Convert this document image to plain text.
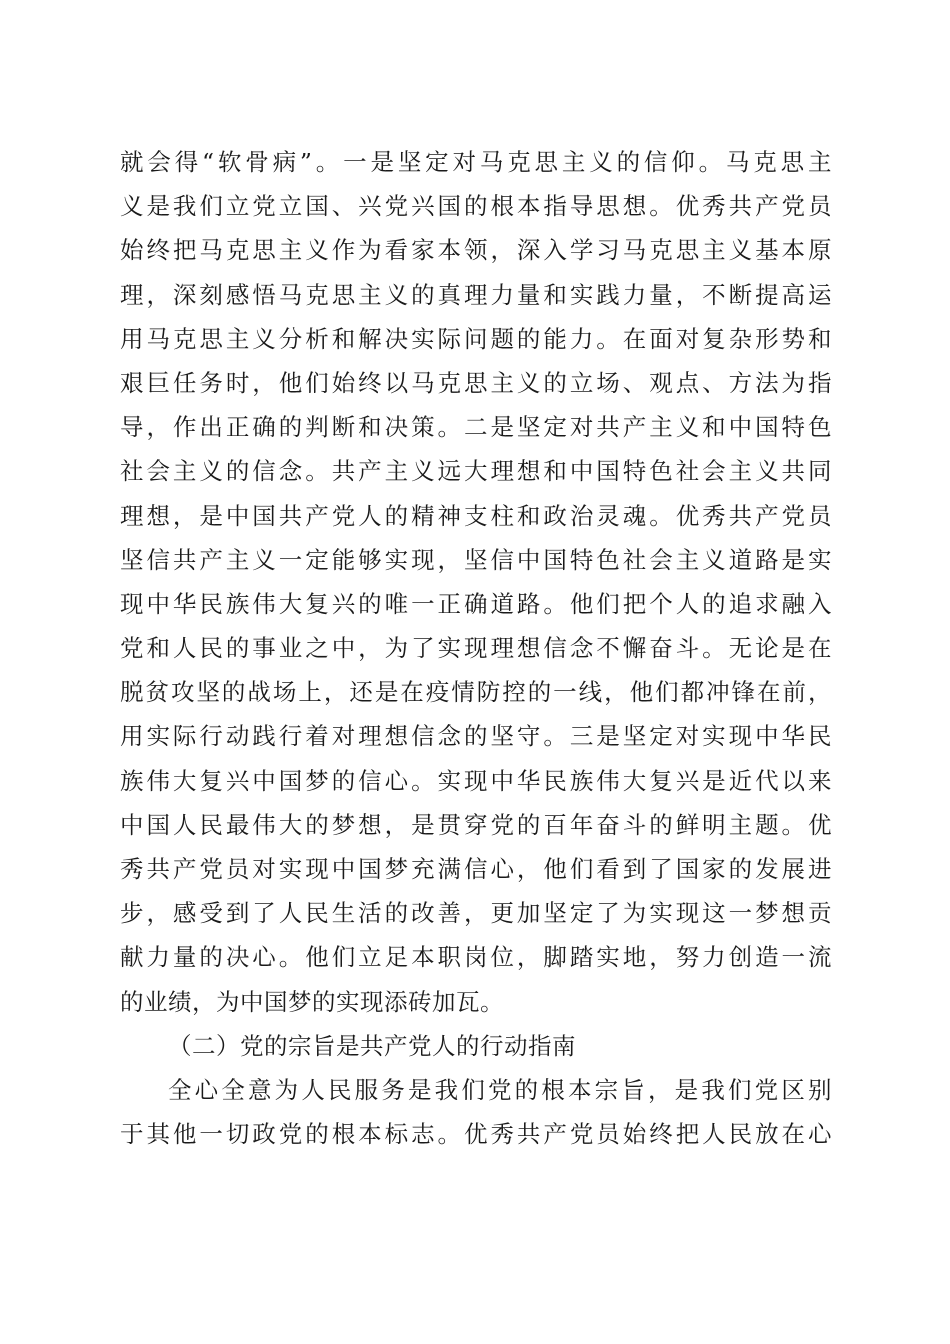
就会得“软骨病”。一是坚定对马克思主义的信仰。马克思主
义是我们立党立国、兴党兴国的根本指导思想。优秀共产党员
始终把马克思主义作为看家本领，深入学习马克思主义基本原
理，深刻感悟马克思主义的真理力量和实践力量，不断提高运
用马克思主义分析和解决实际问题的能力。在面对复杂形势和
艰巨任务时，他们始终以马克思主义的立场、观点、方法为指
导，作出正确的判断和决策。二是坚定对共产主义和中国特色
社会主义的信念。共产主义远大理想和中国特色社会主义共同
理想，是中国共产党人的精神支柱和政治灵魂。优秀共产党员
坚信共产主义一定能够实现，坚信中国特色社会主义道路是实
现中华民族伟大复兴的唯一正确道路。他们把个人的追求融入
党和人民的事业之中，为了实现理想信念不懈奋斗。无论是在
脱贫攻坚的战场上，还是在疫情防控的一线，他们都冲锋在前，
用实际行动践行着对理想信念的坚守。三是坚定对实现中华民
族伟大复兴中国梦的信心。实现中华民族伟大复兴是近代以来
中国人民最伟大的梦想，是贯穿党的百年奋斗的鲜明主题。优
秀共产党员对实现中国梦充满信心，他们看到了国家的发展进
步，感受到了人民生活的改善，更加坚定了为实现这一梦想贡
献力量的决心。他们立足本职岗位，脚踏实地，努力创造一流
的业绩，为中国梦的实现添砖加瓦。
（二）党的宗旨是共产党人的行动指南
全心全意为人民服务是我们党的根本宗旨，是我们党区别
于其他一切政党的根本标志。优秀共产党员始终把人民放在心
